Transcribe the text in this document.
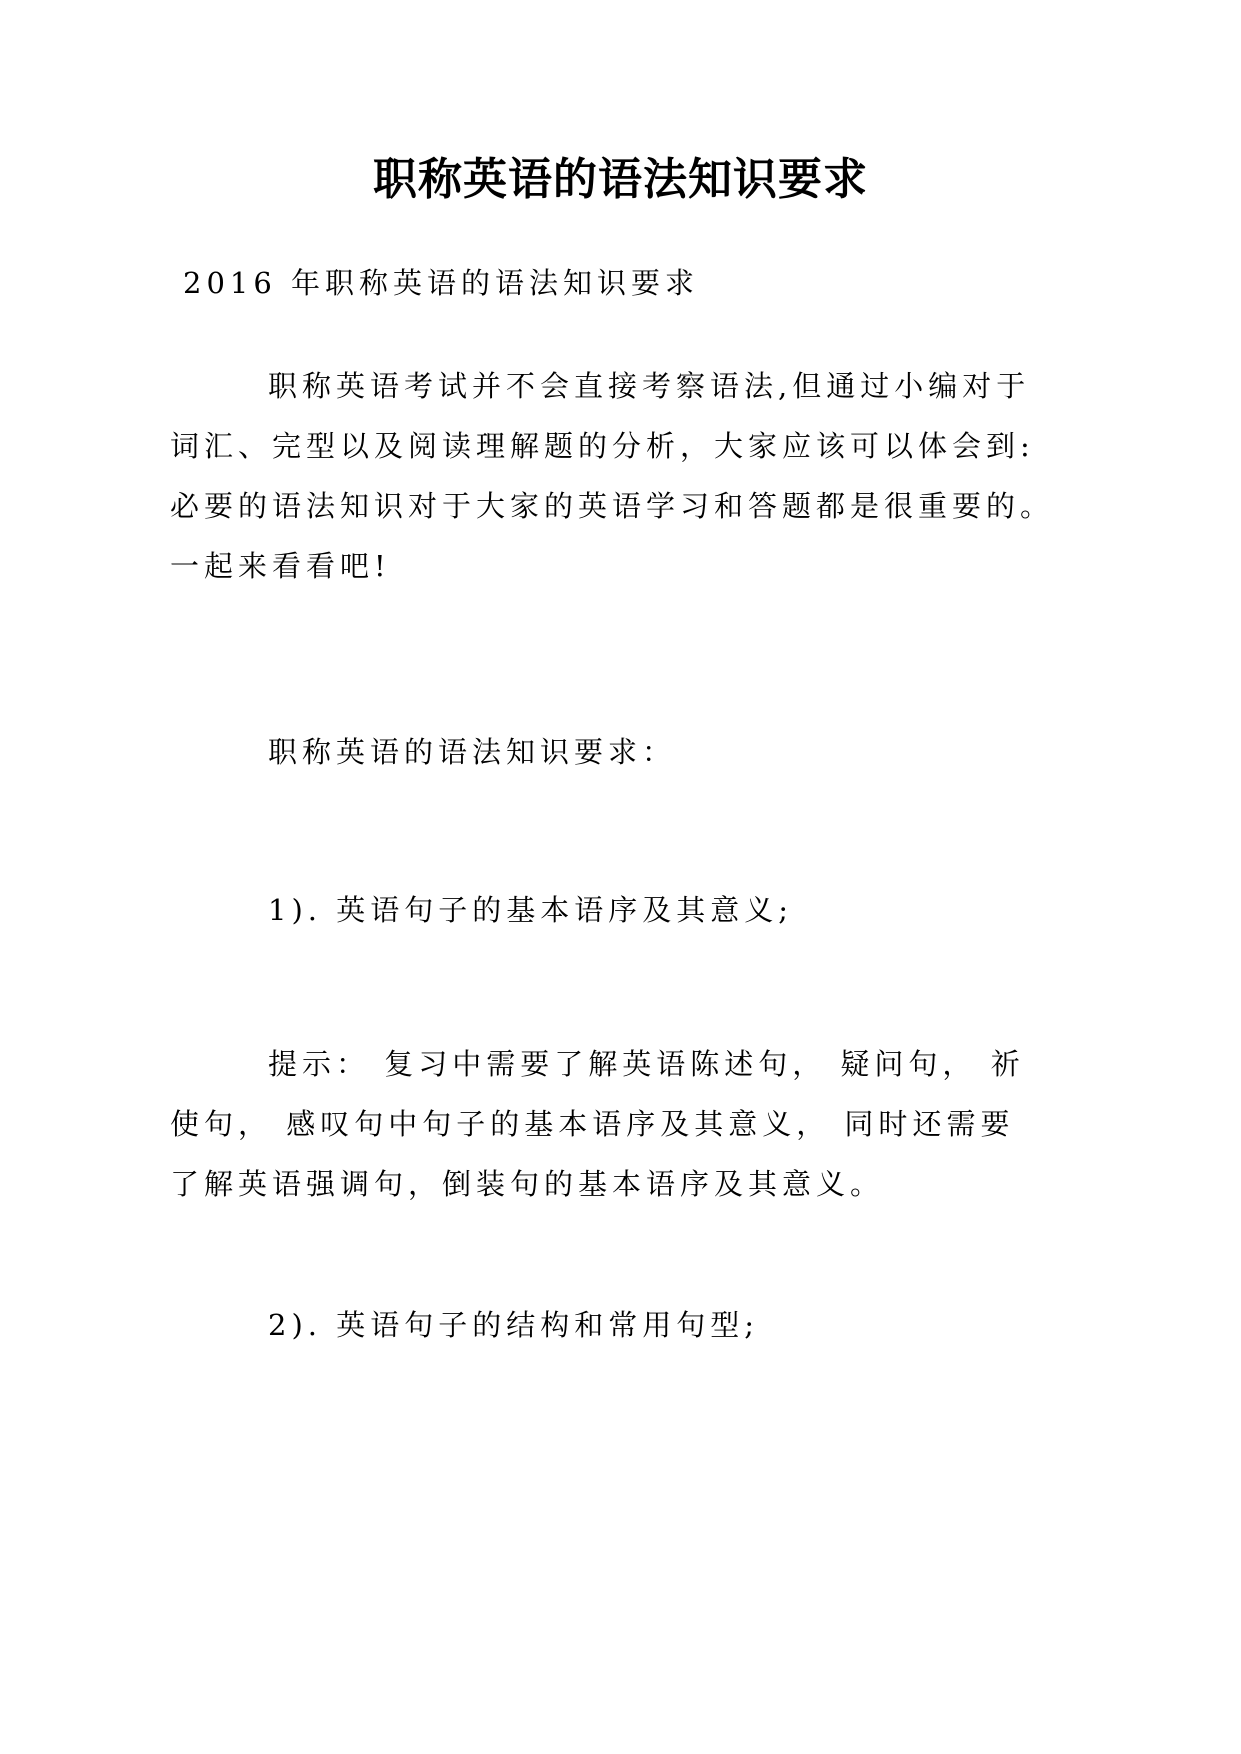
职称英语的语法知识要求
2016 年职称英语的语法知识要求
职称英语考试并不会直接考察语法,但通过小编对于
词汇、完型以及阅读理解题的分析，大家应该可以体会到:
必要的语法知识对于大家的英语学习和答题都是很重要的。
一起来看看吧!
职称英语的语法知识要求：
1). 英语句子的基本语序及其意义;
提示： 复习中需要了解英语陈述句， 疑问句， 祈
使句， 感叹句中句子的基本语序及其意义， 同时还需要
了解英语强调句，倒装句的基本语序及其意义。
2). 英语句子的结构和常用句型;
